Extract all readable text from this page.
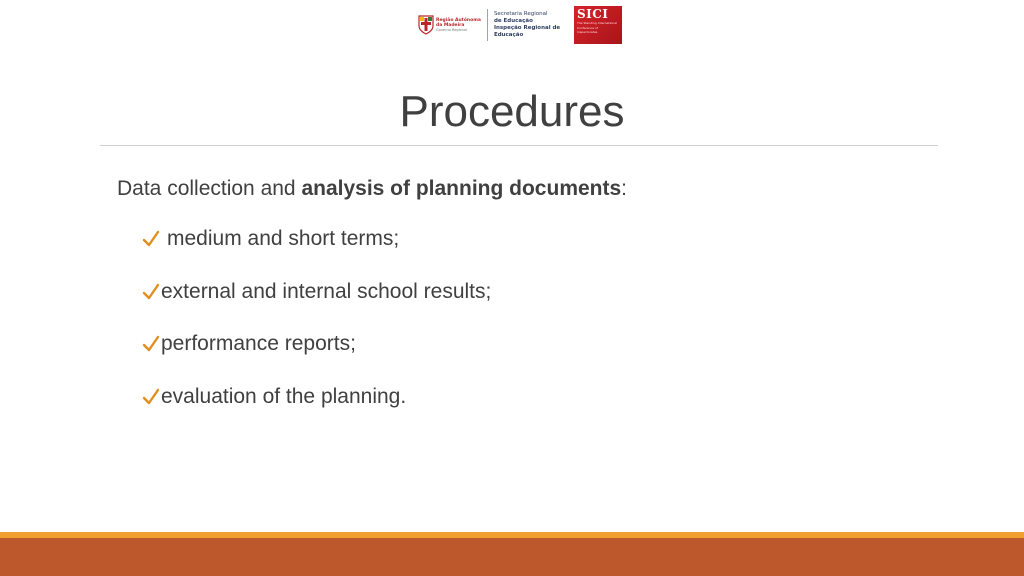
Região Autónoma
da Madeira
Governo Regional
Secretaria Regional
de Educação
Inspeção Regional de Educação
SICI
The Standing International
Conference of Inspectorates
Procedures

Data collection and analysis of planning documents:

medium and short terms;
external and internal school results;
performance reports;
evaluation of the planning.
